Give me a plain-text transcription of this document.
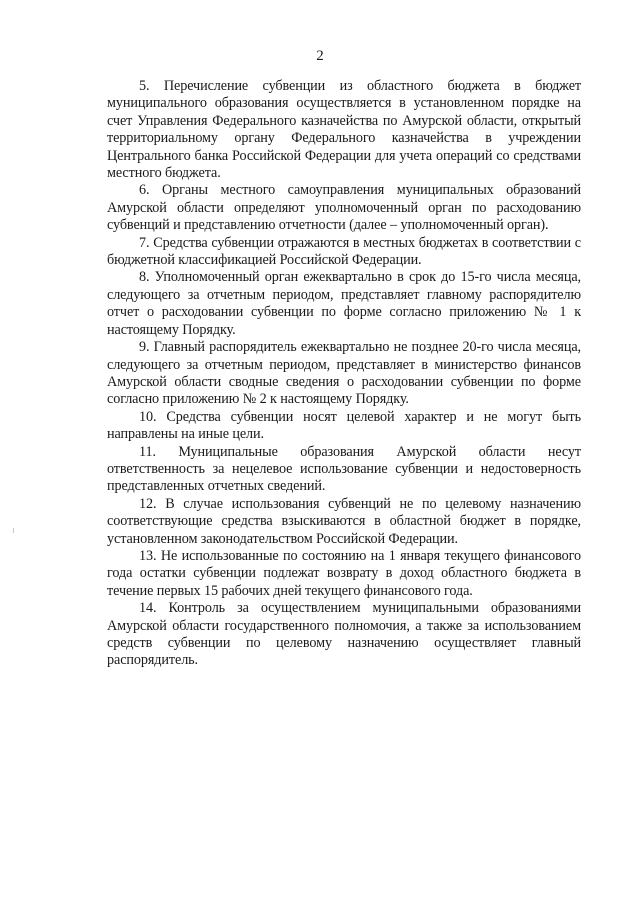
2

5. Перечисление субвенции из областного бюджета в бюджет муниципального образования осуществляется в установленном порядке на счет Управления Федерального казначейства по Амурской области, открытый территориальному органу Федерального казначейства в учреждении Центрального банка Российской Федерации для учета операций со средствами местного бюджета.

6. Органы местного самоуправления муниципальных образований Амурской области определяют уполномоченный орган по расходованию субвенций и представлению отчетности (далее – уполномоченный орган).

7. Средства субвенции отражаются в местных бюджетах в соответствии с бюджетной классификацией Российской Федерации.

8. Уполномоченный орган ежеквартально в срок до 15-го числа месяца, следующего за отчетным периодом, представляет главному распорядителю отчет о расходовании субвенции по форме согласно приложению № 1 к настоящему Порядку.

9. Главный распорядитель ежеквартально не позднее 20-го числа месяца, следующего за отчетным периодом, представляет в министерство финансов Амурской области сводные сведения о расходовании субвенции по форме согласно приложению № 2 к настоящему Порядку.

10. Средства субвенции носят целевой характер и не могут быть направлены на иные цели.

11. Муниципальные образования Амурской области несут ответственность за нецелевое использование субвенции и недостоверность представленных отчетных сведений.

12. В случае использования субвенций не по целевому назначению соответствующие средства взыскиваются в областной бюджет в порядке, установленном законодательством Российской Федерации.

13. Не использованные по состоянию на 1 января текущего финансового года остатки субвенции подлежат возврату в доход областного бюджета в течение первых 15 рабочих дней текущего финансового года.

14. Контроль за осуществлением муниципальными образованиями Амурской области государственного полномочия, а также за использованием средств субвенции по целевому назначению осуществляет главный распорядитель.
